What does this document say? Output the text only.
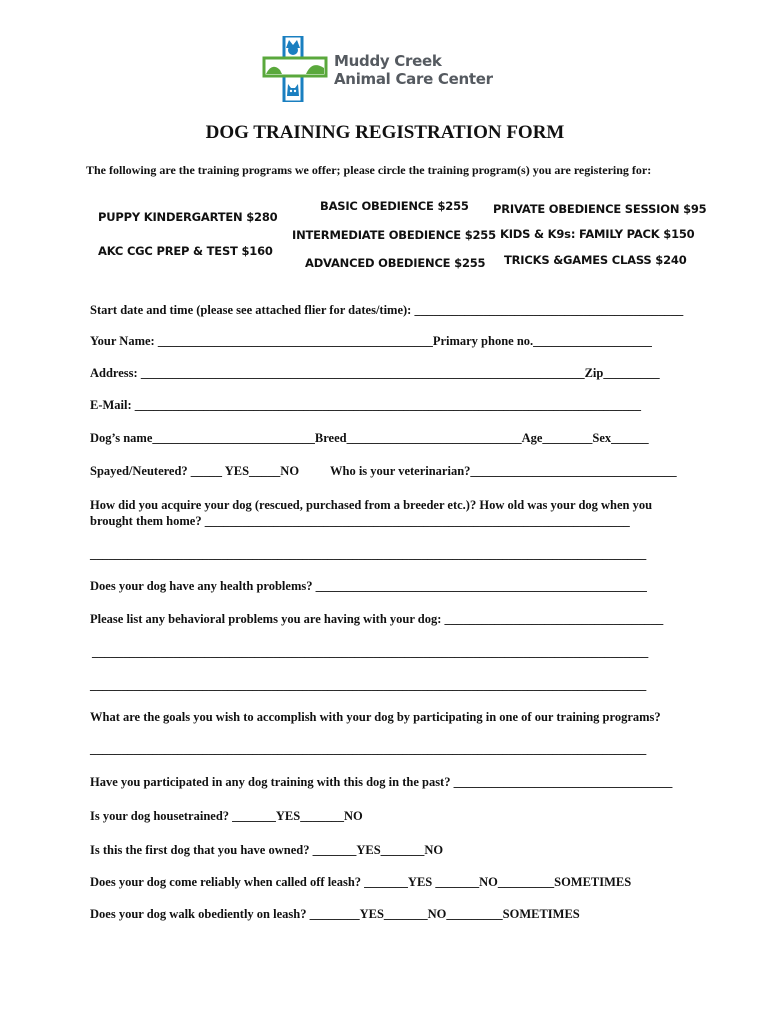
Muddy Creek
Animal Care Center
DOG TRAINING REGISTRATION FORM
The following are the training programs we offer; please circle the training program(s) you are registering for:
PUPPY KINDERGARTEN $280
AKC CGC PREP & TEST $160
BASIC OBEDIENCE $255
INTERMEDIATE OBEDIENCE $255
ADVANCED OBEDIENCE $255
PRIVATE OBEDIENCE SESSION $95
KIDS & K9s: FAMILY PACK $150
TRICKS &GAMES CLASS $240
Start date and time (please see attached flier for dates/time): ___________________________________________
Your Name: ____________________________________________Primary phone no.___________________
Address: _______________________________________________________________________Zip_________
E-Mail: _________________________________________________________________________________
Dog’s name__________________________Breed____________________________Age________Sex______
Spayed/Neutered? _____ YES_____NO Who is your veterinarian?_________________________________
How did you acquire your dog (rescued, purchased from a breeder etc.)? How old was your dog when you
brought them home? ____________________________________________________________________
_________________________________________________________________________________________
Does your dog have any health problems? _____________________________________________________
Please list any behavioral problems you are having with your dog: ___________________________________
_________________________________________________________________________________________
_________________________________________________________________________________________
What are the goals you wish to accomplish with your dog by participating in one of our training programs?
_________________________________________________________________________________________
Have you participated in any dog training with this dog in the past? ___________________________________
Is your dog housetrained? _______YES_______NO
Is this the first dog that you have owned? _______YES_______NO
Does your dog come reliably when called off leash? _______YES _______NO_________SOMETIMES
Does your dog walk obediently on leash? ________YES_______NO_________SOMETIMES
